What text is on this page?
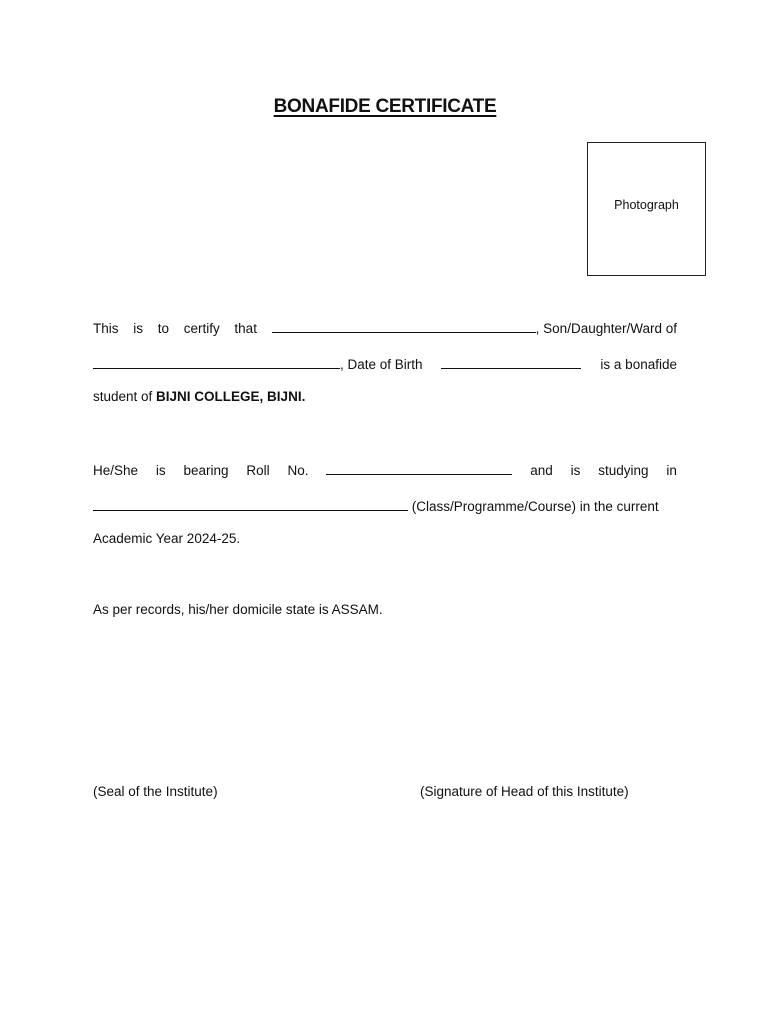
BONAFIDE CERTIFICATE
Photograph
This is to certify that	, Son/Daughter/Ward of
, Date of Birth	is a bonafide
student of BIJNI COLLEGE, BIJNI.
He/She is bearing Roll No.	and is studying in
(Class/Programme/Course) in the current
Academic Year 2024-25.
As per records, his/her domicile state is ASSAM.
(Seal of the Institute)	(Signature of Head of this Institute)
